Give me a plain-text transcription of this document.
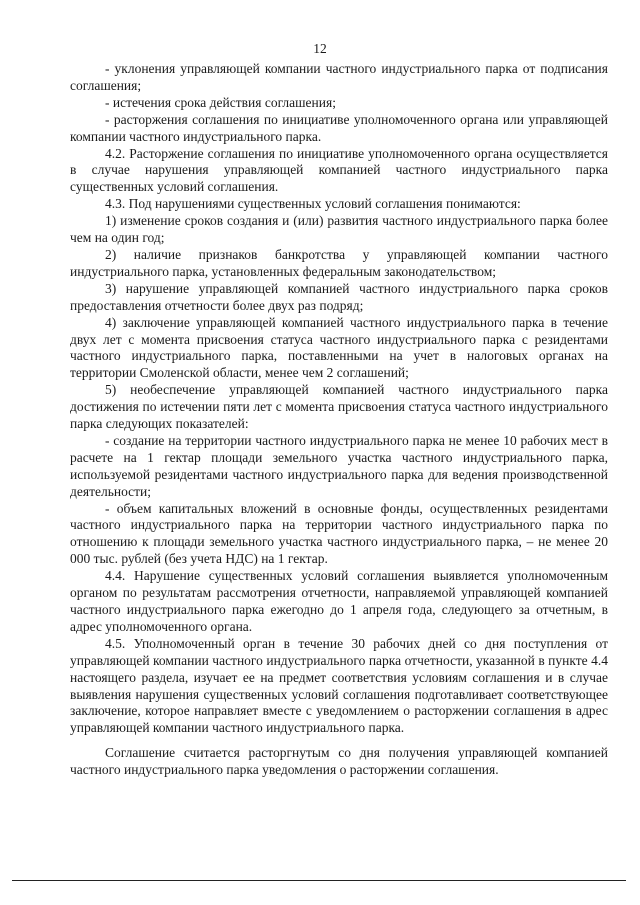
12

- уклонения управляющей компании частного индустриального парка от подписания соглашения;

- истечения срока действия соглашения;

- расторжения соглашения по инициативе уполномоченного органа или управляющей компании частного индустриального парка.

4.2. Расторжение соглашения по инициативе уполномоченного органа осуществляется в случае нарушения управляющей компанией частного индустриального парка существенных условий соглашения.

4.3. Под нарушениями существенных условий соглашения понимаются:

1) изменение сроков создания и (или) развития частного индустриального парка более чем на один год;

2) наличие признаков банкротства у управляющей компании частного индустриального парка, установленных федеральным законодательством;

3) нарушение управляющей компанией частного индустриального парка сроков предоставления отчетности более двух раз подряд;

4) заключение управляющей компанией частного индустриального парка в течение двух лет с момента присвоения статуса частного индустриального парка с резидентами частного индустриального парка, поставленными на учет в налоговых органах на территории Смоленской области, менее чем 2 соглашений;

5) необеспечение управляющей компанией частного индустриального парка достижения по истечении пяти лет с момента присвоения статуса частного индустриального парка следующих показателей:

- создание на территории частного индустриального парка не менее 10 рабочих мест в расчете на 1 гектар площади земельного участка частного индустриального парка, используемой резидентами частного индустриального парка для ведения производственной деятельности;

- объем капитальных вложений в основные фонды, осуществленных резидентами частного индустриального парка на территории частного индустриального парка по отношению к площади земельного участка частного индустриального парка, – не менее 20 000 тыс. рублей (без учета НДС) на 1 гектар.

4.4. Нарушение существенных условий соглашения выявляется уполномоченным органом по результатам рассмотрения отчетности, направляемой управляющей компанией частного индустриального парка ежегодно до 1 апреля года, следующего за отчетным, в адрес уполномоченного органа.

4.5. Уполномоченный орган в течение 30 рабочих дней со дня поступления от управляющей компании частного индустриального парка отчетности, указанной в пункте 4.4 настоящего раздела, изучает ее на предмет соответствия условиям соглашения и в случае выявления нарушения существенных условий соглашения подготавливает соответствующее заключение, которое направляет вместе с уведомлением о расторжении соглашения в адрес управляющей компании частного индустриального парка.

Соглашение считается расторгнутым со дня получения управляющей компанией частного индустриального парка уведомления о расторжении соглашения.
